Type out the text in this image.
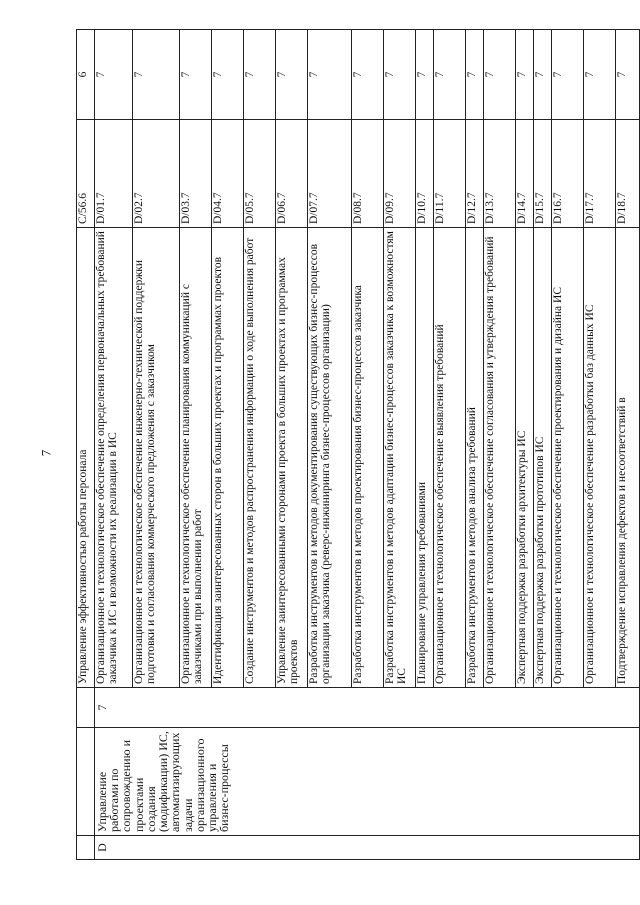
7
			Управление эффективностью работы персонала	C/56.6	6
D	Управление работами по сопровождению и проектами создания (модификации) ИС, автоматизирующих задачи организационного управления и бизнес-процессы	7	Организационное и технологическое обеспечение определения первоначальных требований заказчика к ИС и возможности их реализации в ИС	D/01.7	7
			Организационное и технологическое обеспечение инженерно-технической поддержки подготовки и согласования коммерческого предложения с заказчиком	D/02.7	7
			Организационное и технологическое обеспечение планирования коммуникаций с заказчиками при выполнении работ	D/03.7	7
			Идентификация заинтересованных сторон в больших проектах и программах проектов	D/04.7	7
			Создание инструментов и методов распространения информации о ходе выполнения работ	D/05.7	7
			Управление заинтересованными сторонами проекта в больших проектах и программах проектов	D/06.7	7
			Разработка инструментов и методов документирования существующих бизнес-процессов организации заказчика (реверс-инжиниринга бизнес-процессов организации)	D/07.7	7
			Разработка инструментов и методов проектирования бизнес-процессов заказчика	D/08.7	7
			Разработка инструментов и методов адаптации бизнес-процессов заказчика к возможностям ИС	D/09.7	7
			Планирование управления требованиями	D/10.7	7
			Организационное и технологическое обеспечение выявления требований	D/11.7	7
			Разработка инструментов и методов анализа требований	D/12.7	7
			Организационное и технологическое обеспечение согласования и утверждения требований	D/13.7	7
			Экспертная поддержка разработки архитектуры ИС	D/14.7	7
			Экспертная поддержка разработки прототипов ИС	D/15.7	7
			Организационное и технологическое обеспечение проектирования и дизайна ИС	D/16.7	7
			Организационное и технологическое обеспечение разработки баз данных ИС	D/17.7	7
			Подтверждение исправления дефектов и несоответствий в	D/18.7	7
